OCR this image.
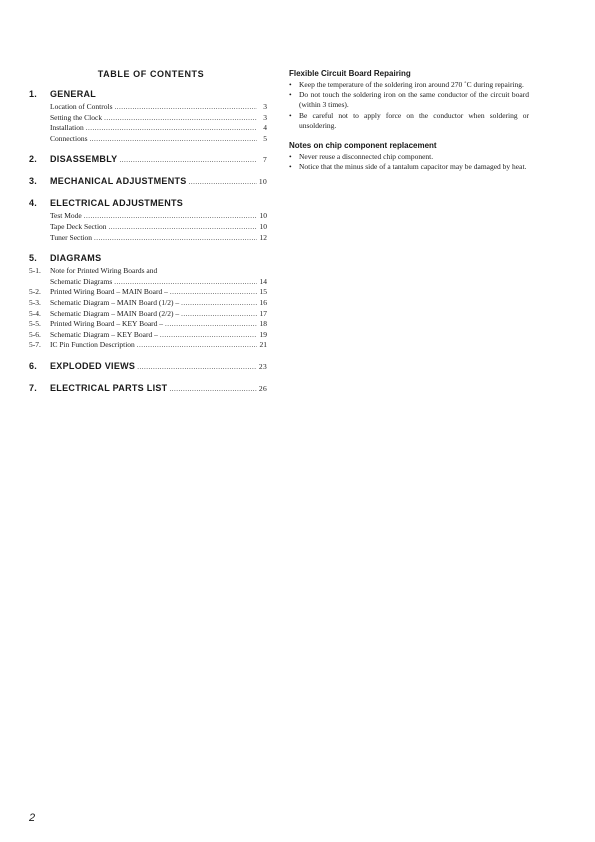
TABLE OF CONTENTS
1.	GENERAL
Location of Controls .....	3
Setting the Clock .....	3
Installation .....	4
Connections .....	5
2.	DISASSEMBLY .....	7
3.	MECHANICAL ADJUSTMENTS .....	10
4.	ELECTRICAL ADJUSTMENTS
Test Mode .....	10
Tape Deck Section .....	10
Tuner Section .....	12
5.	DIAGRAMS
5-1.	Note for Printed Wiring Boards and
Schematic Diagrams .....	14
5-2.	Printed Wiring Board – MAIN Board – .....	15
5-3.	Schematic Diagram – MAIN Board (1/2) – .....	16
5-4.	Schematic Diagram – MAIN Board (2/2) – .....	17
5-5.	Printed Wiring Board – KEY Board – .....	18
5-6.	Schematic Diagram – KEY Board – .....	19
5-7.	IC Pin Function Description .....	21
6.	EXPLODED VIEWS .....	23
7.	ELECTRICAL PARTS LIST .....	26
Flexible Circuit Board Repairing
• Keep the temperature of the soldering iron around 270 ˚C during repairing.
• Do not touch the soldering iron on the same conductor of the circuit board (within 3 times).
• Be careful not to apply force on the conductor when soldering or unsoldering.
Notes on chip component replacement
• Never reuse a disconnected chip component.
• Notice that the minus side of a tantalum capacitor may be damaged by heat.
2
